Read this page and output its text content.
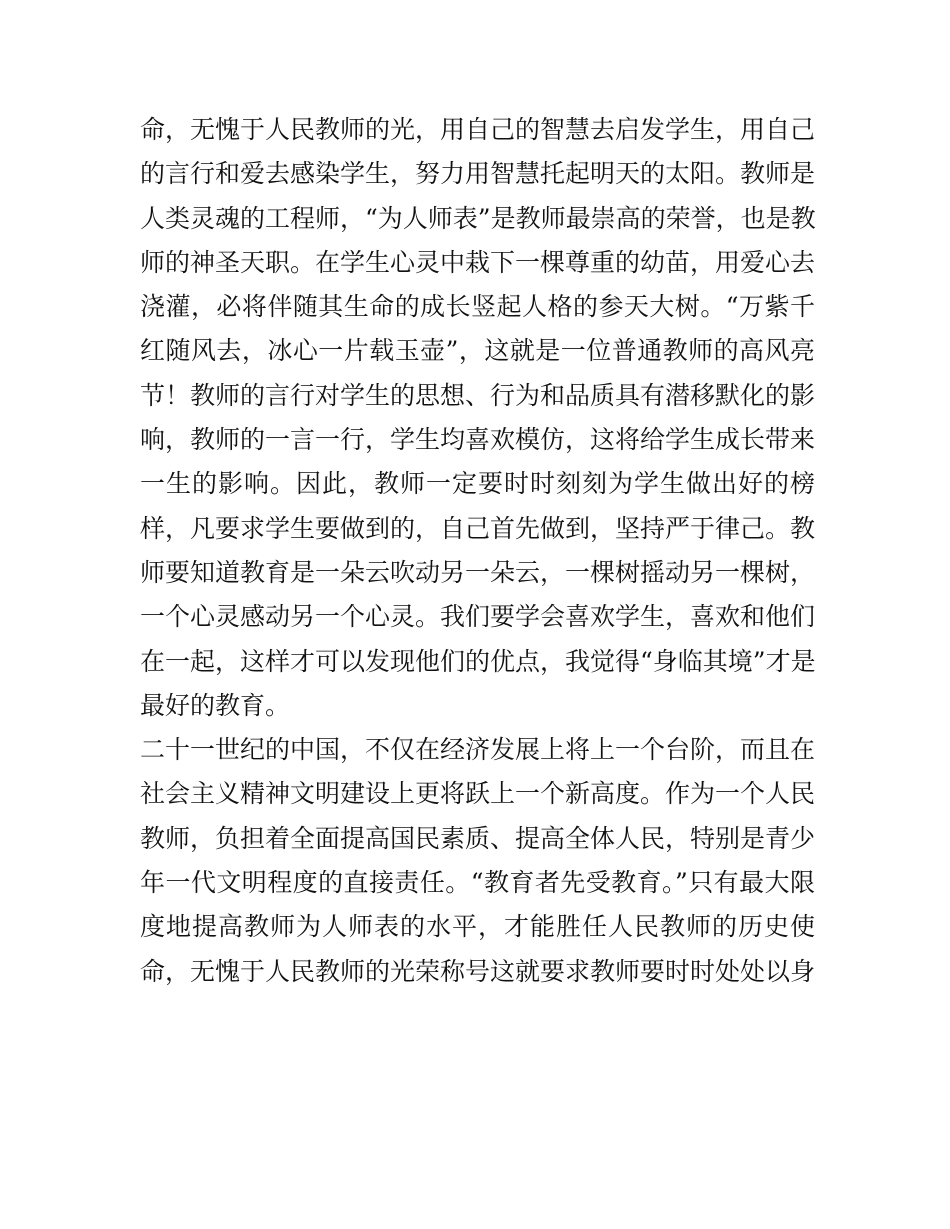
命，无愧于人民教师的光，用自己的智慧去启发学生，用自己
的言行和爱去感染学生，努力用智慧托起明天的太阳。教师是
人类灵魂的工程师，“为人师表”是教师最崇高的荣誉，也是教
师的神圣天职。在学生心灵中栽下一棵尊重的幼苗，用爱心去
浇灌，必将伴随其生命的成长竖起人格的参天大树。“万紫千
红随风去，冰心一片载玉壶”，这就是一位普通教师的高风亮
节！教师的言行对学生的思想、行为和品质具有潜移默化的影
响，教师的一言一行，学生均喜欢模仿，这将给学生成长带来
一生的影响。因此，教师一定要时时刻刻为学生做出好的榜
样，凡要求学生要做到的，自己首先做到，坚持严于律己。教
师要知道教育是一朵云吹动另一朵云，一棵树摇动另一棵树，
一个心灵感动另一个心灵。我们要学会喜欢学生，喜欢和他们
在一起，这样才可以发现他们的优点，我觉得“身临其境”才是
最好的教育。
二十一世纪的中国，不仅在经济发展上将上一个台阶，而且在
社会主义精神文明建设上更将跃上一个新高度。作为一个人民
教师，负担着全面提高国民素质、提高全体人民，特别是青少
年一代文明程度的直接责任。“教育者先受教育。”只有最大限
度地提高教师为人师表的水平，才能胜任人民教师的历史使
命，无愧于人民教师的光荣称号这就要求教师要时时处处以身
